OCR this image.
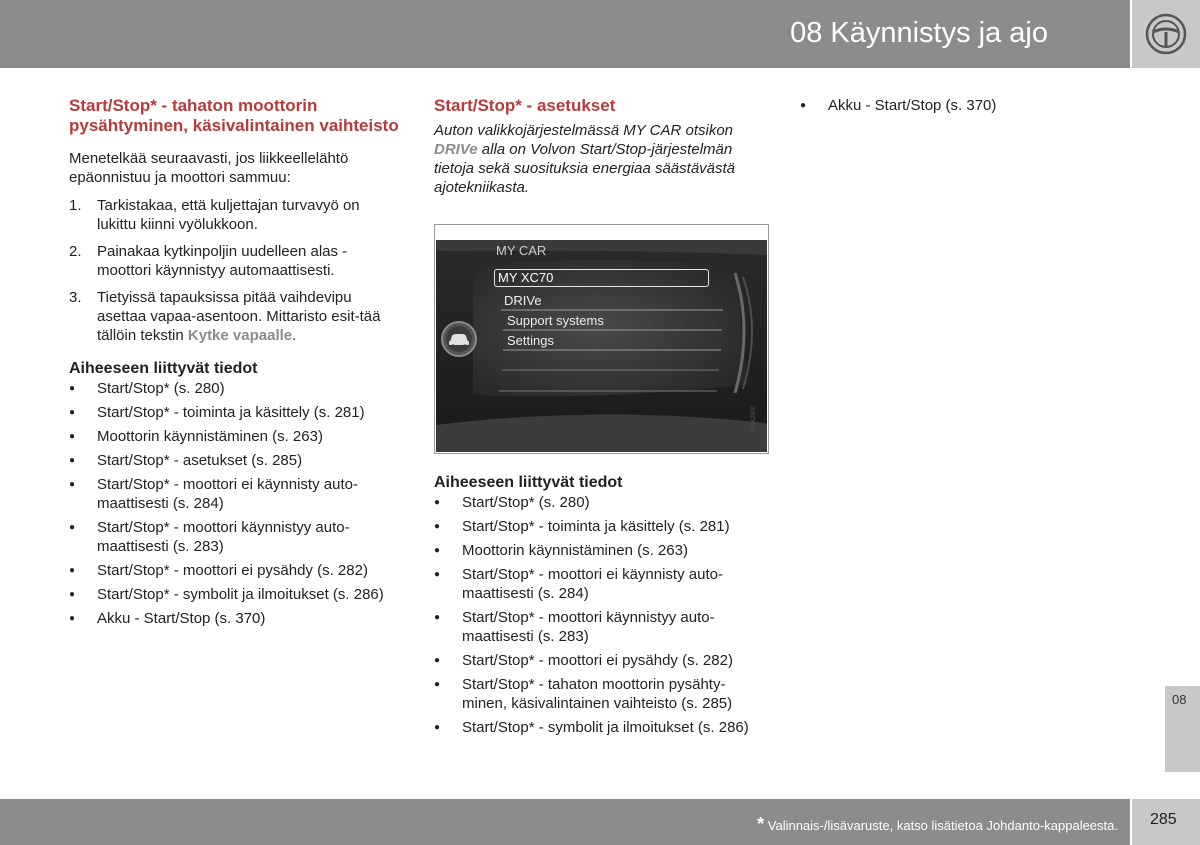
08 Käynnistys ja ajo
Start/Stop* - tahaton moottorin pysähtyminen, käsivalintainen vaihteisto

Menetelkää seuraavasti, jos liikkeellelähtö epäonnistuu ja moottori sammuu:

1. Tarkistakaa, että kuljettajan turvavyö on lukittu kiinni vyölukkoon.
2. Painakaa kytkinpoljin uudelleen alas - moottori käynnistyy automaattisesti.
3. Tietyissä tapauksissa pitää vaihdevipu asettaa vapaa-asentoon. Mittaristo esit-tää tällöin tekstin Kytke vapaalle.
Aiheeseen liittyvät tiedot
● Start/Stop* (s. 280)
● Start/Stop* - toiminta ja käsittely (s. 281)
● Moottorin käynnistäminen (s. 263)
● Start/Stop* - asetukset (s. 285)
● Start/Stop* - moottori ei käynnisty auto-maattisesti (s. 284)
● Start/Stop* - moottori käynnistyy auto-maattisesti (s. 283)
● Start/Stop* - moottori ei pysähdy (s. 282)
● Start/Stop* - symbolit ja ilmoitukset (s. 286)
● Akku - Start/Stop (s. 370)
Start/Stop* - asetukset

Auton valikkojärjestelmässä MY CAR otsikon DRIVe alla on Volvon Start/Stop-järjestelmän tietoja sekä suosituksia energiaa säästävästä ajotekniikasta.

MY CAR
MY XC70
DRIVe
Support systems
Settings
G042890
Aiheeseen liittyvät tiedot
● Start/Stop* (s. 280)
● Start/Stop* - toiminta ja käsittely (s. 281)
● Moottorin käynnistäminen (s. 263)
● Start/Stop* - moottori ei käynnisty auto-maattisesti (s. 284)
● Start/Stop* - moottori käynnistyy auto-maattisesti (s. 283)
● Start/Stop* - moottori ei pysähdy (s. 282)
● Start/Stop* - tahaton moottorin pysähty-minen, käsivalintainen vaihteisto (s. 285)
● Start/Stop* - symbolit ja ilmoitukset (s. 286)
● Akku - Start/Stop (s. 370)
08
* Valinnais-/lisävaruste, katso lisätietoa Johdanto-kappaleesta. 285
